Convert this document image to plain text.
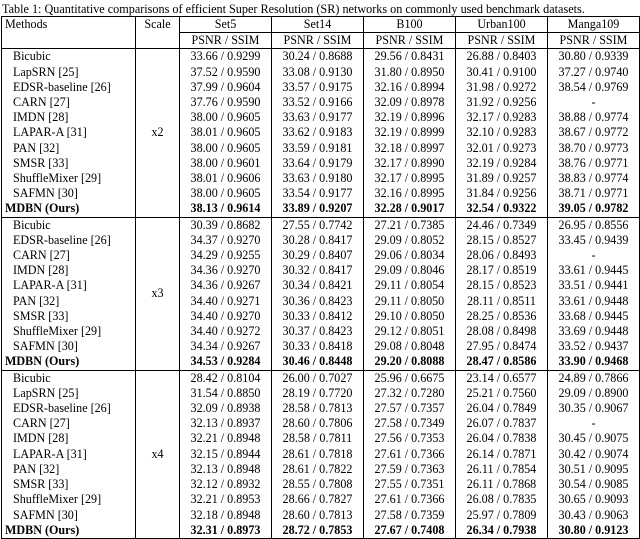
Table 1: Quantitative comparisons of efficient Super Resolution (SR) networks on commonly used benchmark datasets.
Methods	Scale	Set5	Set14	B100	Urban100	Manga109
		PSNR / SSIM	PSNR / SSIM	PSNR / SSIM	PSNR / SSIM	PSNR / SSIM
Bicubic	x2	33.66 / 0.9299	30.24 / 0.8688	29.56 / 0.8431	26.88 / 0.8403	30.80 / 0.9339
LapSRN [25]		37.52 / 0.9590	33.08 / 0.9130	31.80 / 0.8950	30.41 / 0.9100	37.27 / 0.9740
EDSR-baseline [26]		37.99 / 0.9604	33.57 / 0.9175	32.16 / 0.8994	31.98 / 0.9272	38.54 / 0.9769
CARN [27]		37.76 / 0.9590	33.52 / 0.9166	32.09 / 0.8978	31.92 / 0.9256	-
IMDN [28]		38.00 / 0.9605	33.63 / 0.9177	32.19 / 0.8996	32.17 / 0.9283	38.88 / 0.9774
LAPAR-A [31]		38.01 / 0.9605	33.62 / 0.9183	32.19 / 0.8999	32.10 / 0.9283	38.67 / 0.9772
PAN [32]		38.00 / 0.9605	33.59 / 0.9181	32.18 / 0.8997	32.01 / 0.9273	38.70 / 0.9773
SMSR [33]		38.00 / 0.9601	33.64 / 0.9179	32.17 / 0.8990	32.19 / 0.9284	38.76 / 0.9771
ShuffleMixer [29]		38.01 / 0.9606	33.63 / 0.9180	32.17 / 0.8995	31.89 / 0.9257	38.83 / 0.9774
SAFMN [30]		38.00 / 0.9605	33.54 / 0.9177	32.16 / 0.8995	31.84 / 0.9256	38.71 / 0.9771
MDBN (Ours)		38.13 / 0.9614	33.89 / 0.9207	32.28 / 0.9017	32.54 / 0.9322	39.05 / 0.9782
Bicubic	x3	30.39 / 0.8682	27.55 / 0.7742	27.21 / 0.7385	24.46 / 0.7349	26.95 / 0.8556
EDSR-baseline [26]		34.37 / 0.9270	30.28 / 0.8417	29.09 / 0.8052	28.15 / 0.8527	33.45 / 0.9439
CARN [27]		34.29 / 0.9255	30.29 / 0.8407	29.06 / 0.8034	28.06 / 0.8493	-
IMDN [28]		34.36 / 0.9270	30.32 / 0.8417	29.09 / 0.8046	28.17 / 0.8519	33.61 / 0.9445
LAPAR-A [31]		34.36 / 0.9267	30.34 / 0.8421	29.11 / 0.8054	28.15 / 0.8523	33.51 / 0.9441
PAN [32]		34.40 / 0.9271	30.36 / 0.8423	29.11 / 0.8050	28.11 / 0.8511	33.61 / 0.9448
SMSR [33]		34.40 / 0.9270	30.33 / 0.8412	29.10 / 0.8050	28.25 / 0.8536	33.68 / 0.9445
ShuffleMixer [29]		34.40 / 0.9272	30.37 / 0.8423	29.12 / 0.8051	28.08 / 0.8498	33.69 / 0.9448
SAFMN [30]		34.34 / 0.9267	30.33 / 0.8418	29.08 / 0.8048	27.95 / 0.8474	33.52 / 0.9437
MDBN (Ours)		34.53 / 0.9284	30.46 / 0.8448	29.20 / 0.8088	28.47 / 0.8586	33.90 / 0.9468
Bicubic	x4	28.42 / 0.8104	26.00 / 0.7027	25.96 / 0.6675	23.14 / 0.6577	24.89 / 0.7866
LapSRN [25]		31.54 / 0.8850	28.19 / 0.7720	27.32 / 0.7280	25.21 / 0.7560	29.09 / 0.8900
EDSR-baseline [26]		32.09 / 0.8938	28.58 / 0.7813	27.57 / 0.7357	26.04 / 0.7849	30.35 / 0.9067
CARN [27]		32.13 / 0.8937	28.60 / 0.7806	27.58 / 0.7349	26.07 / 0.7837	-
IMDN [28]		32.21 / 0.8948	28.58 / 0.7811	27.56 / 0.7353	26.04 / 0.7838	30.45 / 0.9075
LAPAR-A [31]		32.15 / 0.8944	28.61 / 0.7818	27.61 / 0.7366	26.14 / 0.7871	30.42 / 0.9074
PAN [32]		32.13 / 0.8948	28.61 / 0.7822	27.59 / 0.7363	26.11 / 0.7854	30.51 / 0.9095
SMSR [33]		32.12 / 0.8932	28.55 / 0.7808	27.55 / 0.7351	26.11 / 0.7868	30.54 / 0.9085
ShuffleMixer [29]		32.21 / 0.8953	28.66 / 0.7827	27.61 / 0.7366	26.08 / 0.7835	30.65 / 0.9093
SAFMN [30]		32.18 / 0.8948	28.60 / 0.7813	27.58 / 0.7359	25.97 / 0.7809	30.43 / 0.9063
MDBN (Ours)		32.31 / 0.8973	28.72 / 0.7853	27.67 / 0.7408	26.34 / 0.7938	30.80 / 0.9123
